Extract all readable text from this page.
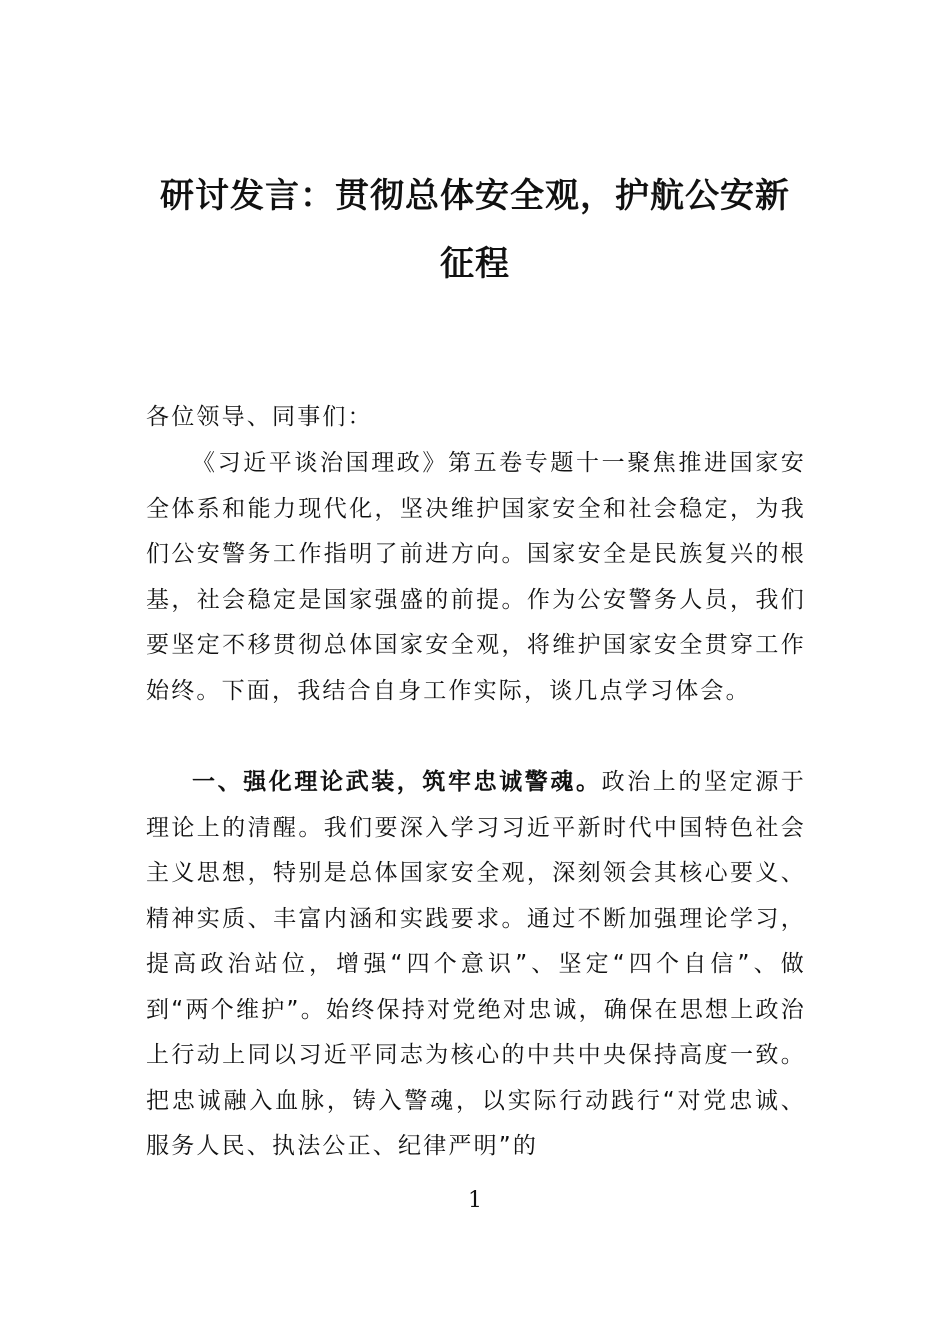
研讨发言：贯彻总体安全观，护航公安新
征程
各位领导、同事们：
《习近平谈治国理政》第五卷专题十一聚焦推进国家安全体系和能力现代化，坚决维护国家安全和社会稳定，为我们公安警务工作指明了前进方向。国家安全是民族复兴的根基，社会稳定是国家强盛的前提。作为公安警务人员，我们要坚定不移贯彻总体国家安全观，将维护国家安全贯穿工作始终。下面，我结合自身工作实际，谈几点学习体会。
一、强化理论武装，筑牢忠诚警魂。政治上的坚定源于理论上的清醒。我们要深入学习习近平新时代中国特色社会主义思想，特别是总体国家安全观，深刻领会其核心要义、精神实质、丰富内涵和实践要求。通过不断加强理论学习，提高政治站位，增强“四个意识”、坚定“四个自信”、做到“两个维护”。始终保持对党绝对忠诚，确保在思想上政治上行动上同以习近平同志为核心的中共中央保持高度一致。把忠诚融入血脉，铸入警魂，以实际行动践行“对党忠诚、服务人民、执法公正、纪律严明”的
1
